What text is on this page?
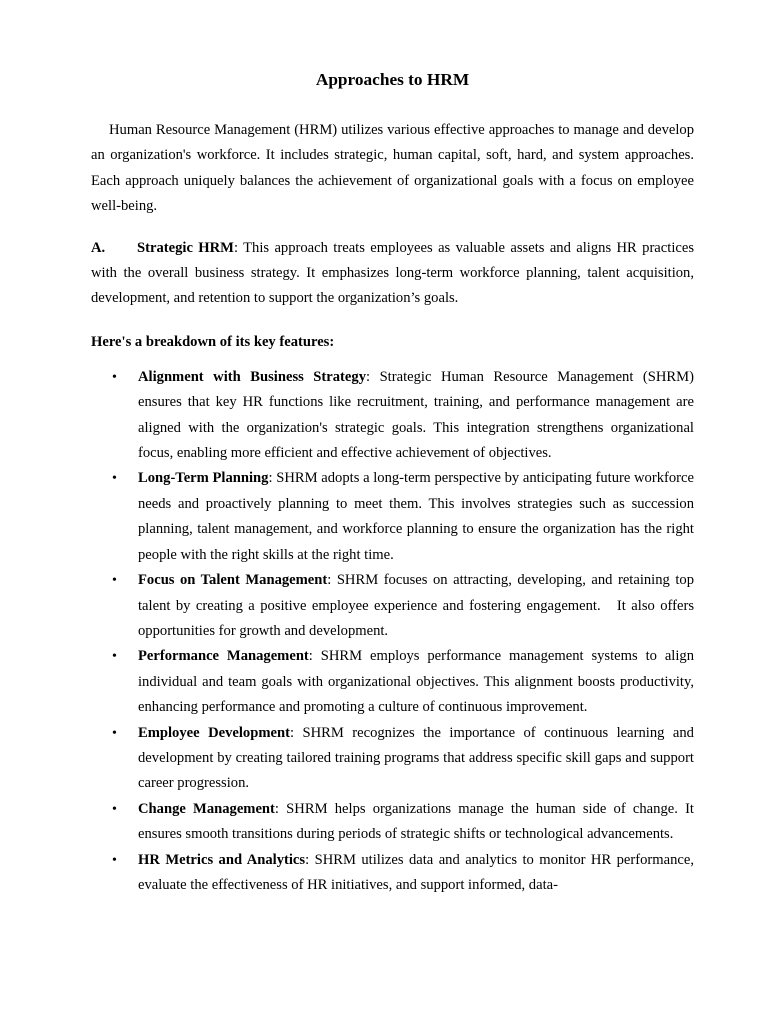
Approaches to HRM

Human Resource Management (HRM) utilizes various effective approaches to manage and develop an organization's workforce. It includes strategic, human capital, soft, hard, and system approaches. Each approach uniquely balances the achievement of organizational goals with a focus on employee well-being.

A. Strategic HRM: This approach treats employees as valuable assets and aligns HR practices with the overall business strategy. It emphasizes long-term workforce planning, talent acquisition, development, and retention to support the organization’s goals.

Here's a breakdown of its key features:

• Alignment with Business Strategy: Strategic Human Resource Management (SHRM) ensures that key HR functions like recruitment, training, and performance management are aligned with the organization's strategic goals. This integration strengthens organizational focus, enabling more efficient and effective achievement of objectives.
• Long-Term Planning: SHRM adopts a long-term perspective by anticipating future workforce needs and proactively planning to meet them. This involves strategies such as succession planning, talent management, and workforce planning to ensure the organization has the right people with the right skills at the right time.
• Focus on Talent Management: SHRM focuses on attracting, developing, and retaining top talent by creating a positive employee experience and fostering engagement.   It also offers opportunities for growth and development.
• Performance Management: SHRM employs performance management systems to align individual and team goals with organizational objectives. This alignment boosts productivity, enhancing performance and promoting a culture of continuous improvement.
• Employee Development: SHRM recognizes the importance of continuous learning and development by creating tailored training programs that address specific skill gaps and support career progression.
• Change Management: SHRM helps organizations manage the human side of change. It ensures smooth transitions during periods of strategic shifts or technological advancements.
• HR Metrics and Analytics: SHRM utilizes data and analytics to monitor HR performance, evaluate the effectiveness of HR initiatives, and support informed, data-
